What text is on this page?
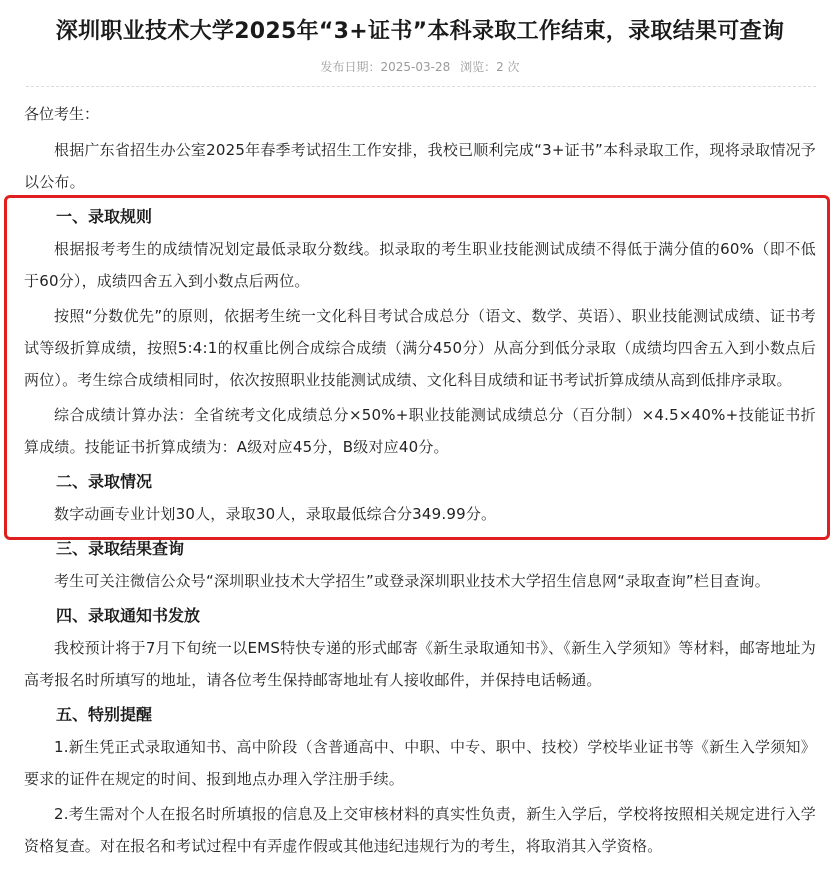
深圳职业技术大学2025年“3+证书”本科录取工作结束，录取结果可查询
发布日期：2025-03-28 浏览：2 次
各位考生：
根据广东省招生办公室2025年春季考试招生工作安排，我校已顺利完成“3+证书”本科录取工作，现将录取情况予以公布。
一、录取规则
根据报考考生的成绩情况划定最低录取分数线。拟录取的考生职业技能测试成绩不得低于满分值的60%（即不低于60分），成绩四舍五入到小数点后两位。
按照“分数优先”的原则，依据考生统一文化科目考试合成总分（语文、数学、英语）、职业技能测试成绩、证书考试等级折算成绩，按照5:4:1的权重比例合成综合成绩（满分450分）从高分到低分录取（成绩均四舍五入到小数点后两位）。考生综合成绩相同时，依次按照职业技能测试成绩、文化科目成绩和证书考试折算成绩从高到低排序录取。
综合成绩计算办法：全省统考文化成绩总分×50%+职业技能测试成绩总分（百分制）×4.5×40%+技能证书折算成绩。技能证书折算成绩为：A级对应45分，B级对应40分。
二、录取情况
数字动画专业计划30人，录取30人，录取最低综合分349.99分。
三、录取结果查询
考生可关注微信公众号“深圳职业技术大学招生”或登录深圳职业技术大学招生信息网“录取查询”栏目查询。
四、录取通知书发放
我校预计将于7月下旬统一以EMS特快专递的形式邮寄《新生录取通知书》、《新生入学须知》等材料，邮寄地址为高考报名时所填写的地址，请各位考生保持邮寄地址有人接收邮件，并保持电话畅通。
五、特别提醒
1.新生凭正式录取通知书、高中阶段（含普通高中、中职、中专、职中、技校）学校毕业证书等《新生入学须知》要求的证件在规定的时间、报到地点办理入学注册手续。
2.考生需对个人在报名时所填报的信息及上交审核材料的真实性负责，新生入学后，学校将按照相关规定进行入学资格复查。对在报名和考试过程中有弄虚作假或其他违纪违规行为的考生，将取消其入学资格。
